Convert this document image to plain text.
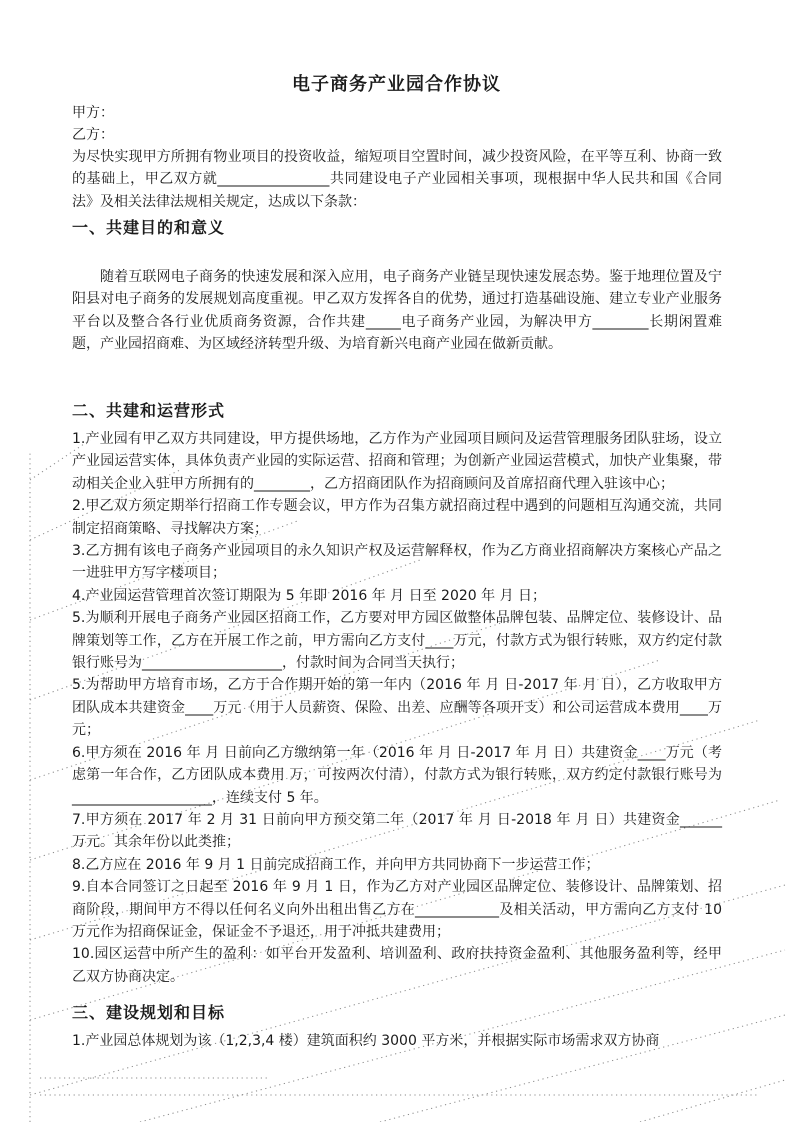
电子商务产业园合作协议

甲方：

乙方：

为尽快实现甲方所拥有物业项目的投资收益，缩短项目空置时间，减少投资风险，在平等互利、协商一致的基础上，甲乙双方就________________共同建设电子产业园相关事项，现根据中华人民共和国《合同法》及相关法律法规相关规定，达成以下条款：

一、共建目的和意义

随着互联网电子商务的快速发展和深入应用，电子商务产业链呈现快速发展态势。鉴于地理位置及宁阳县对电子商务的发展规划高度重视。甲乙双方发挥各自的优势，通过打造基础设施、建立专业产业服务平台以及整合各行业优质商务资源，合作共建_____电子商务产业园，为解决甲方________长期闲置难题，产业园招商难、为区域经济转型升级、为培育新兴电商产业园在做新贡献。

二、共建和运营形式

1.产业园有甲乙双方共同建设，甲方提供场地，乙方作为产业园项目顾问及运营管理服务团队驻场，设立产业园运营实体，具体负责产业园的实际运营、招商和管理；为创新产业园运营模式，加快产业集聚，带动相关企业入驻甲方所拥有的________，乙方招商团队作为招商顾问及首席招商代理入驻该中心；

2.甲乙双方须定期举行招商工作专题会议，甲方作为召集方就招商过程中遇到的问题相互沟通交流，共同制定招商策略、寻找解决方案；

3.乙方拥有该电子商务产业园项目的永久知识产权及运营解释权，作为乙方商业招商解决方案核心产品之一进驻甲方写字楼项目；

4.产业园运营管理首次签订期限为 5 年即 2016 年 月 日至 2020 年 月 日；

5.为顺利开展电子商务产业园区招商工作，乙方要对甲方园区做整体品牌包装、品牌定位、装修设计、品牌策划等工作，乙方在开展工作之前，甲方需向乙方支付____万元，付款方式为银行转账，双方约定付款银行账号为____________________，付款时间为合同当天执行；

5.为帮助甲方培育市场，乙方于合作期开始的第一年内（2016 年 月 日-2017 年 月 日），乙方收取甲方团队成本共建资金____万元（用于人员薪资、保险、出差、应酬等各项开支）和公司运营成本费用____万元；

6.甲方须在 2016 年 月 日前向乙方缴纳第一年（2016 年 月 日-2017 年 月 日）共建资金____万元（考虑第一年合作，乙方团队成本费用 万，可按两次付清），付款方式为银行转账，双方约定付款银行账号为____________________，连续支付 5 年。

7.甲方须在 2017 年 2 月 31 日前向甲方预交第二年（2017 年 月 日-2018 年 月 日）共建资金______万元。其余年份以此类推；

8.乙方应在 2016 年 9 月 1 日前完成招商工作，并向甲方共同协商下一步运营工作；

9.自本合同签订之日起至 2016 年 9 月 1 日，作为乙方对产业园区品牌定位、装修设计、品牌策划、招商阶段，期间甲方不得以任何名义向外出租出售乙方在____________及相关活动，甲方需向乙方支付 10 万元作为招商保证金，保证金不予退还，用于冲抵共建费用；

10.园区运营中所产生的盈利：如平台开发盈利、培训盈利、政府扶持资金盈利、其他服务盈利等，经甲乙双方协商决定。

三、建设规划和目标

1.产业园总体规划为该（1,2,3,4 楼）建筑面积约 3000 平方米，并根据实际市场需求双方协商
